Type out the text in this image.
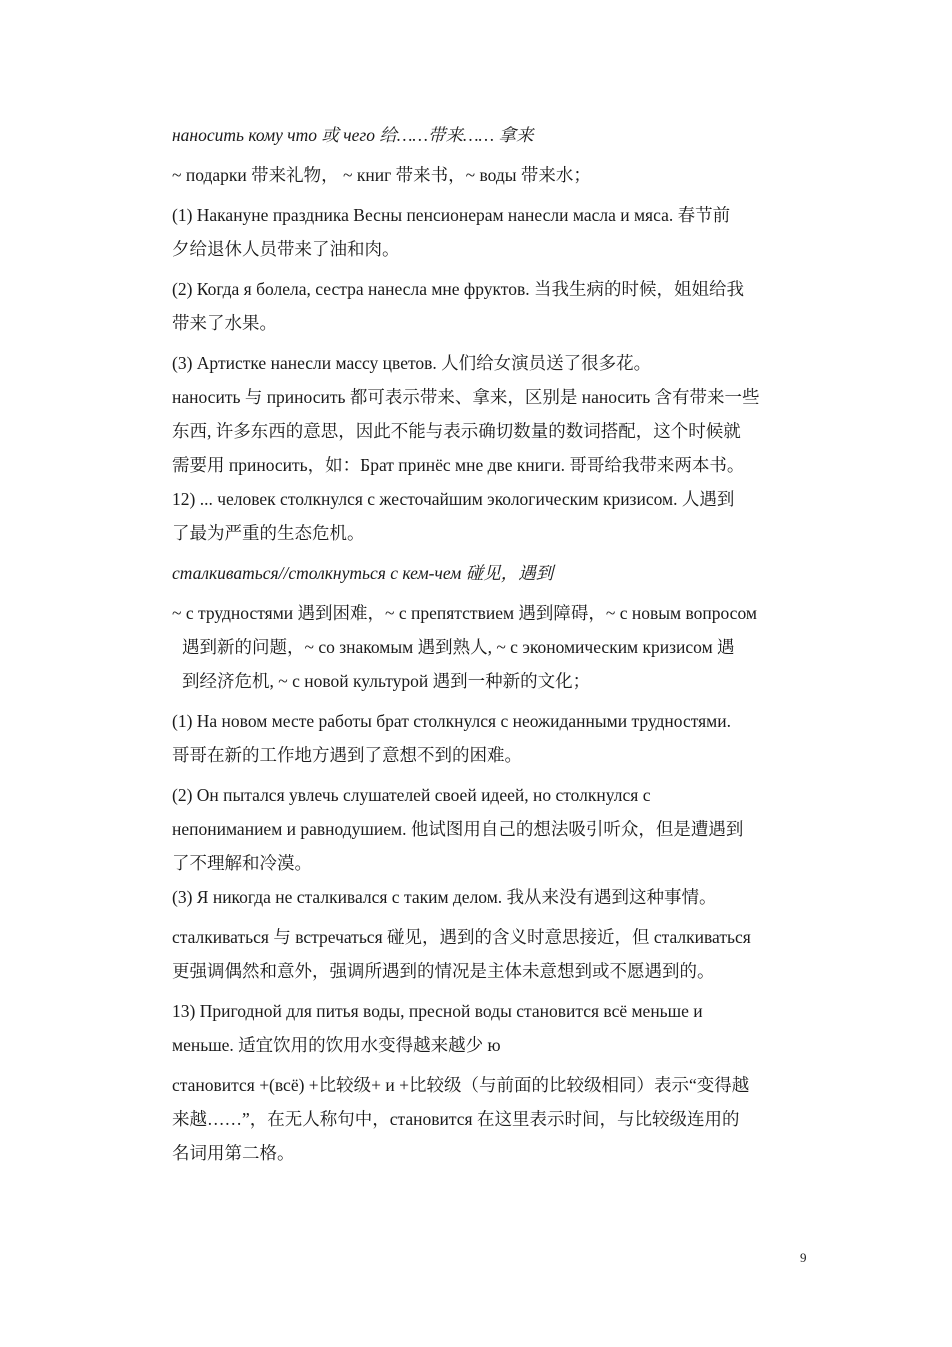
наносить кому что 或 чего 给……带来…… 拿来
~ подарки 带来礼物， ~ книг 带来书，~ воды 带来水；
(1) Накануне праздника Весны пенсионерам нанесли масла и мяса. 春节前
夕给退休人员带来了油和肉。
(2) Когда я болела, сестра нанесла мне фруктов. 当我生病的时候，姐姐给我
带来了水果。
(3) Артистке нанесли массу цветов. 人们给女演员送了很多花。
наносить 与 приносить 都可表示带来、拿来，区别是 наносить 含有带来一些
东西, 许多东西的意思，因此不能与表示确切数量的数词搭配，这个时候就
需要用 приносить，如：Брат принёс мне две книги. 哥哥给我带来两本书。
12) ... человек столкнулся с жесточайшим экологическим кризисом. 人遇到
了最为严重的生态危机。
сталкиваться//столкнуться с кем-чем 碰见，遇到
~ с трудностями 遇到困难，~ с препятствием 遇到障碍，~ с новым вопросом
遇到新的问题，~ со знакомым 遇到熟人, ~ с экономическим кризисом 遇
到经济危机, ~ с новой культурой 遇到一种新的文化；
(1) На новом месте работы брат столкнулся с неожиданными трудностями.
哥哥在新的工作地方遇到了意想不到的困难。
(2) Он пытался увлечь слушателей своей идеей, но столкнулся с
непониманием и равнодушием. 他试图用自己的想法吸引听众，但是遭遇到
了不理解和冷漠。
(3) Я никогда не сталкивался с таким делом. 我从来没有遇到这种事情。
сталкиваться 与 встречаться 碰见，遇到的含义时意思接近，但 сталкиваться
更强调偶然和意外，强调所遇到的情况是主体未意想到或不愿遇到的。
13) Пригодной для питья воды, пресной воды становится всё меньше и
меньше. 适宜饮用的饮用水变得越来越少 ю
становится +(всё) +比较级+ и +比较级（与前面的比较级相同）表示“变得越
来越……”，在无人称句中，становится 在这里表示时间，与比较级连用的
名词用第二格。
9
